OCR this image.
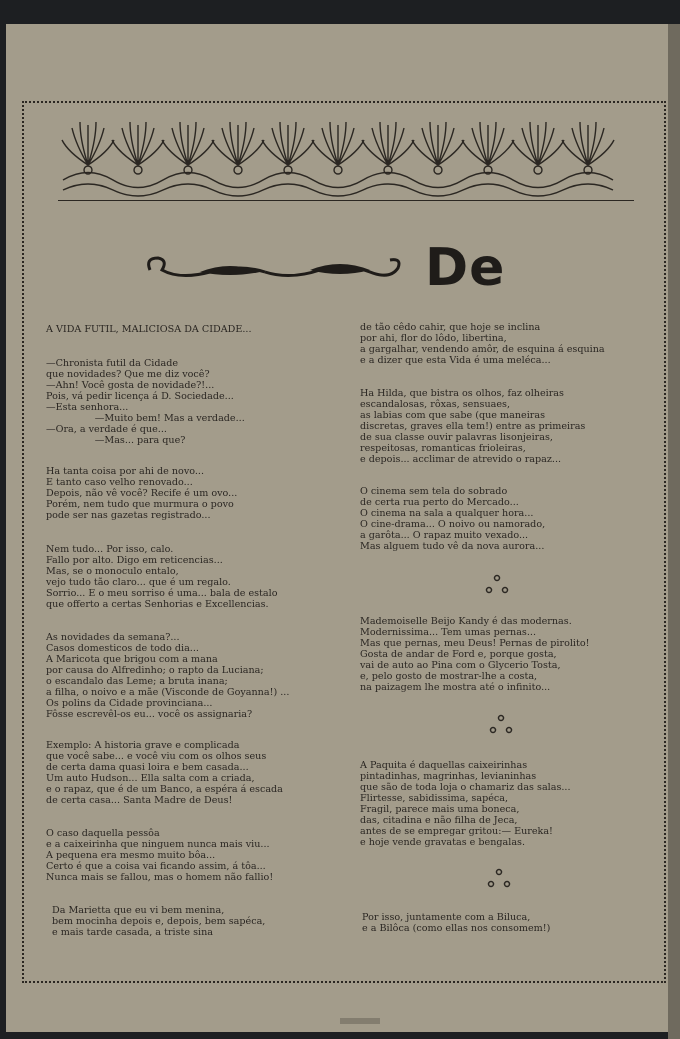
De

A VIDA FUTIL, MALICIOSA DA CIDADE...

—Chronista futil da Cidade

que novidades? Que me diz você?

—Ahn! Você gosta de novidade?!...

Pois, vá pedir licença á D. Sociedade...

—Esta senhora...

—Muito bem! Mas a verdade...

—Ora, a verdade é que...

—Mas... para que?

Ha tanta coisa por ahi de novo...

E tanto caso velho renovado...

Depois, não vê você? Recife é um ovo...

Porém, nem tudo que murmura o povo

pode ser nas gazetas registrado...

Nem tudo... Por isso, calo.

Fallo por alto. Digo em reticencias...

Mas, se o monoculo entalo,

vejo tudo tão claro... que é um regalo.

Sorrio... E o meu sorriso é uma... bala de estalo

que offerto a certas Senhorias e Excellencias.

As novidades da semana?...

Casos domesticos de todo dia...

A Maricota que brigou com a mana

por causa do Alfredinho; o rapto da Luciana;

o escandalo das Leme; a bruta inana;

a filha, o noivo e a mãe (Visconde de Goyanna!) ...

Os polins da Cidade provinciana...

Fôsse escrevêl-os eu... você os assignaria?

Exemplo: A historia grave e complicada

que você sabe... e você viu com os olhos seus

de certa dama quasi loira e bem casada...

Um auto Hudson... Ella salta com a criada,

e o rapaz, que é de um Banco, a espéra á escada

de certa casa... Santa Madre de Deus!

O caso daquella pessôa

e a caixeirinha que ninguem nunca mais viu...

A pequena era mesmo muito bôa...

Certo é que a coisa vai ficando assim, á tôa...

Nunca mais se fallou, mas o homem não fallio!

Da Marietta que eu vi bem menina,

bem mocinha depois e, depois, bem sapéca,

e mais tarde casada, a triste sina

de tão cêdo cahir, que hoje se inclina

por ahi, flor do lôdo, libertina,

a gargalhar, vendendo amôr, de esquina á esquina

e a dizer que esta Vida é uma meléca...

Ha Hilda, que bistra os olhos, faz olheiras

escandalosas, rôxas, sensuaes,

as labias com que sabe (que maneiras

discretas, graves ella tem!) entre as primeiras

de sua classe ouvir palavras lisonjeiras,

respeitosas, romanticas frioleiras,

e depois... acclimar de atrevido o rapaz...

O cinema sem tela do sobrado

de certa rua perto do Mercado...

O cinema na sala a qualquer hora...

O cine-drama... O noivo ou namorado,

a garôta... O rapaz muito vexado...

Mas alguem tudo vê da nova aurora...

Mademoiselle Beijo Kandy é das modernas.

Modernissima... Tem umas pernas...

Mas que pernas, meu Deus! Pernas de pirolito!

Gosta de andar de Ford e, porque gosta,

vai de auto ao Pina com o Glycerio Tosta,

e, pelo gosto de mostrar-lhe a costa,

na paizagem lhe mostra até o infinito...

A Paquita é daquellas caixeirinhas

pintadinhas, magrinhas, levianinhas

que são de toda loja o chamariz das salas...

Flirtesse, sabidissima, sapéca,

Fragil, parece mais uma boneca,

das, citadina e não filha de Jeca,

antes de se empregar gritou:— Eureka!

e hoje vende gravatas e bengalas.

Por isso, juntamente com a Biluca,

e a Bilôca (como ellas nos consomem!)
